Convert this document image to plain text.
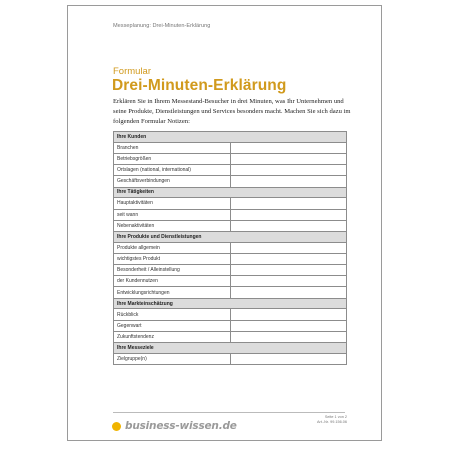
Messeplanung: Drei-Minuten-Erklärung
Formular
Drei-Minuten-Erklärung
Erklären Sie in Ihrem Messestand-Besucher in drei Minuten, was Ihr Unternehmen und seine Produkte, Dienstleistungen und Services besonders macht. Machen Sie sich dazu im folgenden Formular Notizen:
Ihre Kunden	
Branchen	
Betriebsgrößen	
Ortslagen (national, international)	
Geschäftsverbindungen	
Ihre Tätigkeiten	
Hauptaktivitäten	
seit wann	
Nebenaktivitäten	
Ihre Produkte und Dienstleistungen	
Produkte allgemein	
wichtigstes Produkt	
Besonderheit / Alleinstellung	
der Kundennutzen	
Entwicklungsrichtungen	
Ihre Markteinschätzung	
Rückblick	
Gegenwart	
Zukunftstendenz	
Ihre Messeziele	
Zielgruppe(n)	
business-wissen.de
Seite 1 von 2
Art.-Nr. 99.156.06
